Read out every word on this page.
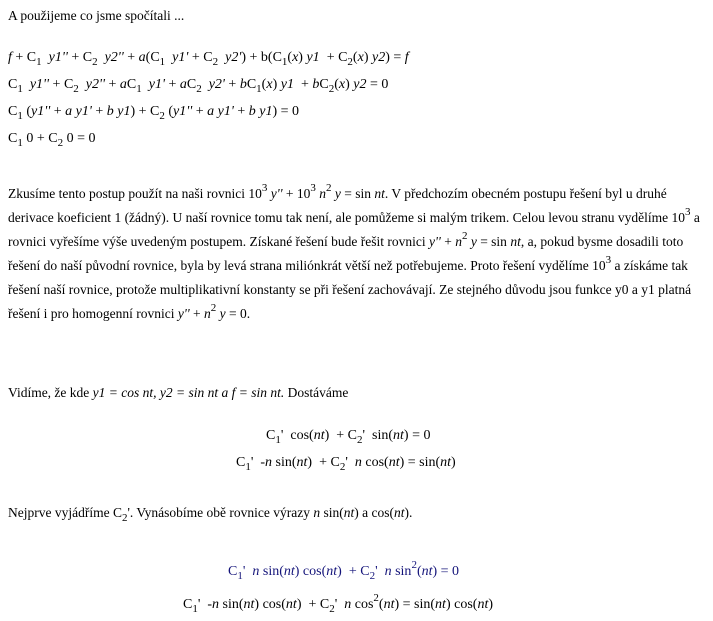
A použijeme co jsme spočítali ...
$f + C_1$ $y1'' + C_2$ $y2'' + a(C_1$ $y1' + C_2$ $y2') + b(C_1(x) y1 + C_2(x) y2) = f$
$C_1$ $y1'' + C_2$ $y2'' + aC_1$ $y1' + aC_2$ $y2' + bC_1(x) y1 + bC_2(x) y2 = 0$
$C_1$ (y1'' + a y1' + b $y1) + C_2$ (y1'' + a y1' + b y1) = 0
$C_1$ $0 + C_2$ 0 = 0
Zkusíme tento postup použít na naši rovnici $10^3$ $y'' + 10^3$ $n^2$ y = sin nt. V předchozím obecném postupu řešení byl u druhé derivace koeficient 1 (žádný). U naší rovnice tomu tak není, ale pomůžeme si malým trikem. Celou levou stranu vydělíme $10^3$ a rovnici vyřešíme výše uvedeným postupem. Získané řešení bude řešit rovnici $y'' + n^2$ y = sin nt, a, pokud bysme dosadili toto řešení do naší původní rovnice, byla by levá strana miliónkrát větší než potřebujeme. Proto řešení vydělíme $10^3$ a získáme tak řešení naší rovnice, protože multiplikativní konstanty se při řešení zachovávají. Ze stejného důvodu jsou funkce y0 a y1 platná řešení i pro homogenní rovnici $y'' + n^2$ y = 0.
Vidíme, že kde y1 = cos nt, y2 = sin nt a f = sin nt. Dostáváme
$C_1'$  $\cos(nt) + C_2'$  sin(nt) = 0
$C_1'$  -n $\sin(nt) + C_2'$  n cos(nt) = sin(nt)
Nejprve vyjádříme $C_2'$. Vynásobíme obě rovnice výrazy n sin(nt) a cos(nt).
$C_1'$  n sin(nt) $\cos(nt) + C_2'$  n $\sin^2(nt) = 0$
$C_1'$  -n sin(nt) $\cos(nt) + C_2'$  n $\cos^2(nt) = \sin(nt)$ cos(nt)
